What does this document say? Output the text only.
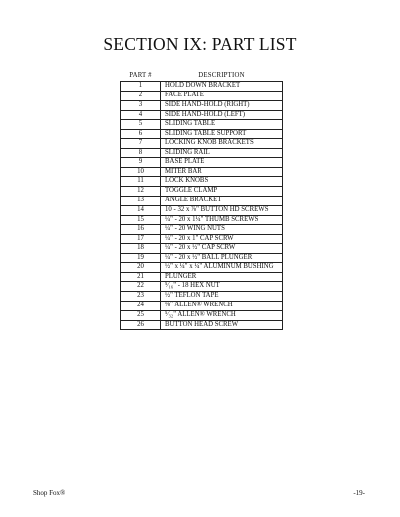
SECTION IX: PART LIST
PART #	DESCRIPTION
1	HOLD DOWN BRACKET
2	FACE PLATE
3	SIDE HAND-HOLD (RIGHT)
4	SIDE HAND-HOLD (LEFT)
5	SLIDING TABLE
6	SLIDING TABLE SUPPORT
7	LOCKING KNOB BRACKETS
8	SLIDING RAIL
9	BASE PLATE
10	MITER BAR
11	LOCK KNOBS
12	TOGGLE CLAMP
13	ANGLE BRACKET
14	10 - 32 x ⅞" BUTTON HD SCREWS
15	¼" - 20 x 1¼" THUMB SCREWS
16	¼" - 20 WING NUTS
17	¼" - 20 x 1" CAP SCRW
18	¼" - 20 x ½" CAP SCRW
19	¼" - 20 x ½" BALL PLUNGER
20	½" x ¼" x ¼" ALUMINUM BUSHING
21	PLUNGER
22	⁵⁄₁₆" - 18 HEX NUT
23	½" TEFLON TAPE
24	⅛" ALLEN® WRENCH
25	⁵⁄₃₂" ALLEN® WRENCH
26	BUTTON HEAD SCREW
Shop Fox®	-19-
